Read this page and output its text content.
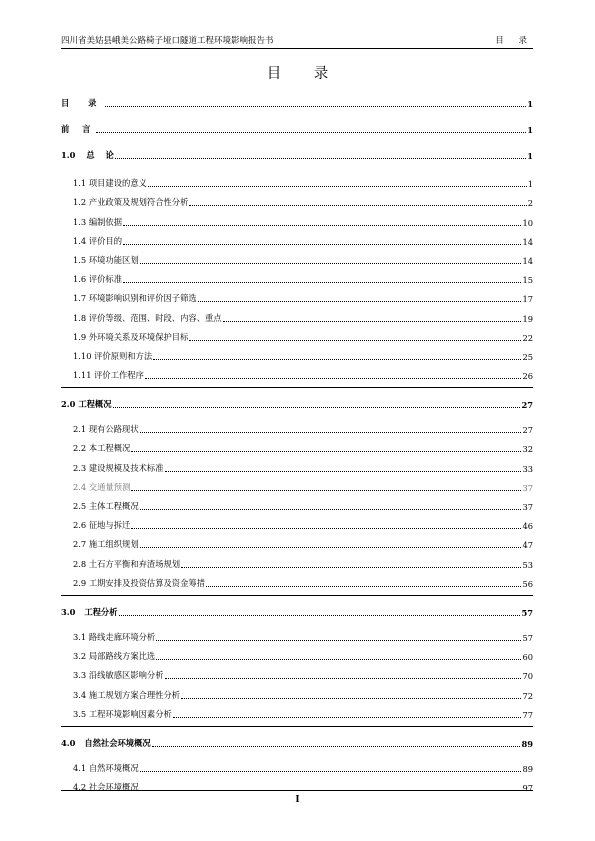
四川省美姑县峨美公路椅子垭口隧道工程环境影响报告书	目 录
目 录
目 录	1
前 言	1
1.0 总 论	1
1.1 项目建设的意义	1
1.2 产业政策及规划符合性分析	2
1.3 编制依据	10
1.4 评价目的	14
1.5 环境功能区划	14
1.6 评价标准	15
1.7 环境影响识别和评价因子筛选	17
1.8 评价等级、范围、时段、内容、重点	19
1.9 外环境关系及环境保护目标	22
1.10 评价原则和方法	25
1.11 评价工作程序	26
2.0 工程概况	27
2.1 现有公路现状	27
2.2 本工程概况	32
2.3 建设规模及技术标准	33
2.4 交通量预测	37
2.5 主体工程概况	37
2.6 征地与拆迁	46
2.7 施工组织规划	47
2.8 土石方平衡和弃渣场规划	53
2.9 工期安排及投资估算及资金筹措	56
3.0 工程分析	57
3.1 路线走廊环境分析	57
3.2 局部路线方案比选	60
3.3 沿线敏感区影响分析	70
3.4 施工规划方案合理性分析	72
3.5 工程环境影响因素分析	77
4.0 自然社会环境概况	89
4.1 自然环境概况	89
4.2 社会环境概况	97
I
